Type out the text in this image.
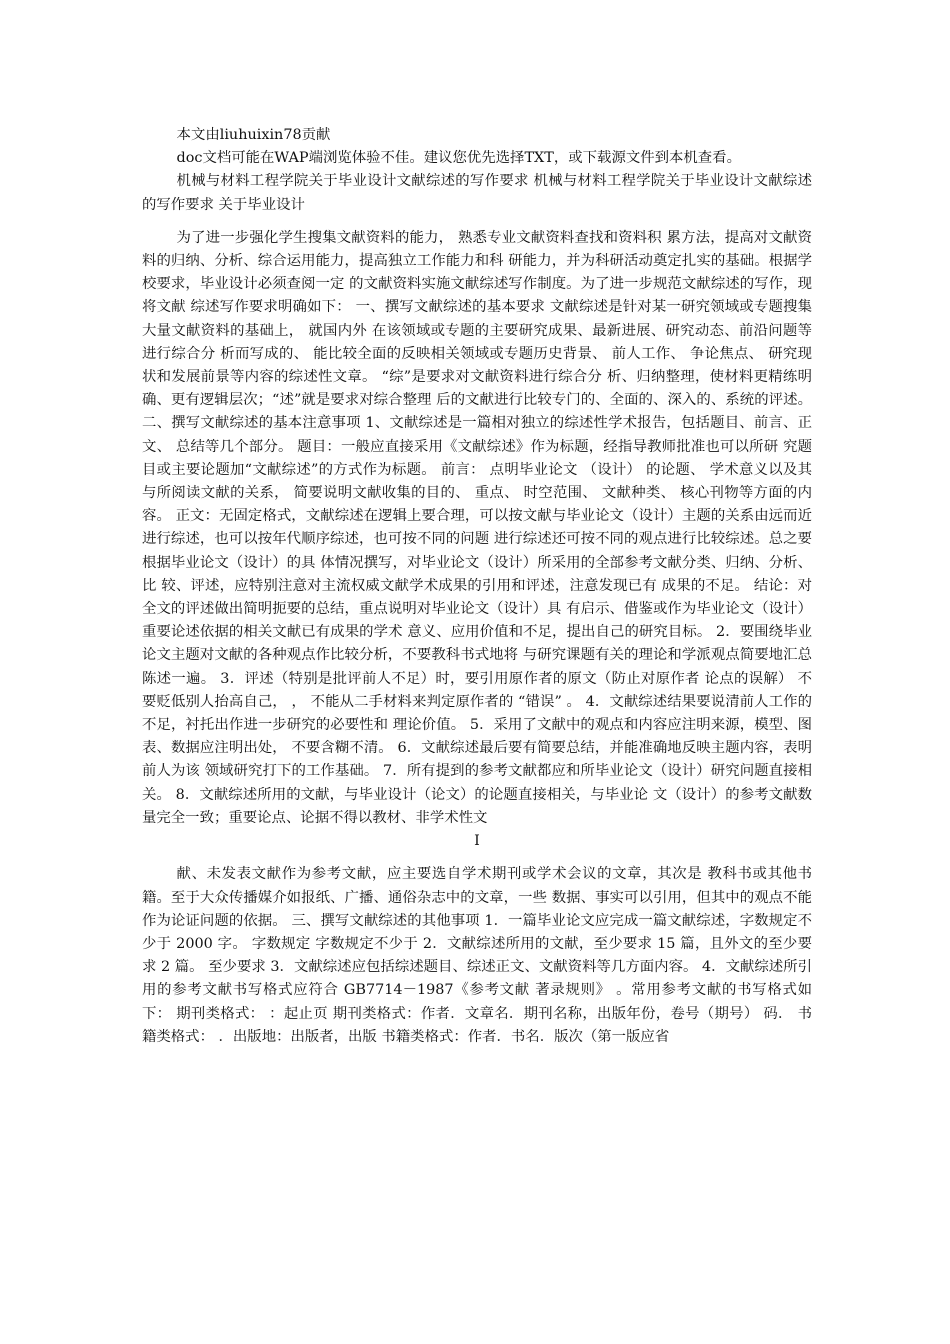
本文由liuhuixin78贡献

doc文档可能在WAP端浏览体验不佳。建议您优先选择TXT，或下载源文件到本机查看。

机械与材料工程学院关于毕业设计文献综述的写作要求 机械与材料工程学院关于毕业设计文献综述的写作要求 关于毕业设计

为了进一步强化学生搜集文献资料的能力， 熟悉专业文献资料查找和资料积 累方法，提高对文献资料的归纳、分析、综合运用能力，提高独立工作能力和科 研能力，并为科研活动奠定扎实的基础。根据学校要求，毕业设计必须查阅一定 的文献资料实施文献综述写作制度。为了进一步规范文献综述的写作，现将文献 综述写作要求明确如下： 一、撰写文献综述的基本要求 文献综述是针对某一研究领域或专题搜集大量文献资料的基础上， 就国内外 在该领域或专题的主要研究成果、最新进展、研究动态、前沿问题等进行综合分 析而写成的、 能比较全面的反映相关领域或专题历史背景、 前人工作、 争论焦点、 研究现状和发展前景等内容的综述性文章。 “综”是要求对文献资料进行综合分 析、归纳整理，使材料更精练明确、更有逻辑层次；“述”就是要求对综合整理 后的文献进行比较专门的、全面的、深入的、系统的评述。 二、撰写文献综述的基本注意事项 1、文献综述是一篇相对独立的综述性学术报告，包括题目、前言、正文、 总结等几个部分。 题目：一般应直接采用《文献综述》作为标题，经指导教师批准也可以所研 究题目或主要论题加“文献综述”的方式作为标题。 前言： 点明毕业论文 （设计） 的论题、 学术意义以及其与所阅读文献的关系， 简要说明文献收集的目的、 重点、 时空范围、 文献种类、 核心刊物等方面的内容。 正文：无固定格式，文献综述在逻辑上要合理，可以按文献与毕业论文（设计）主题的关系由远而近进行综述，也可以按年代顺序综述，也可按不同的问题 进行综述还可按不同的观点进行比较综述。总之要根据毕业论文（设计）的具 体情况撰写，对毕业论文（设计）所采用的全部参考文献分类、归纳、分析、比 较、评述，应特别注意对主流权威文献学术成果的引用和评述，注意发现已有 成果的不足。 结论：对全文的评述做出简明扼要的总结，重点说明对毕业论文（设计）具 有启示、借鉴或作为毕业论文（设计）重要论述依据的相关文献已有成果的学术 意义、应用价值和不足，提出自己的研究目标。 2．要围绕毕业论文主题对文献的各种观点作比较分析，不要教科书式地将 与研究课题有关的理论和学派观点简要地汇总陈述一遍。 3．评述（特别是批评前人不足）时，要引用原作者的原文（防止对原作者 论点的误解） 不要贬低别人抬高自己， ， 不能从二手材料来判定原作者的 “错误” 。 4．文献综述结果要说清前人工作的不足，衬托出作进一步研究的必要性和 理论价值。 5．采用了文献中的观点和内容应注明来源，模型、图表、数据应注明出处， 不要含糊不清。 6．文献综述最后要有简要总结，并能准确地反映主题内容，表明前人为该 领域研究打下的工作基础。 7．所有提到的参考文献都应和所毕业论文（设计）研究问题直接相关。 8．文献综述所用的文献，与毕业设计（论文）的论题直接相关，与毕业论 文（设计）的参考文献数量完全一致；重要论点、论据不得以教材、非学术性文

I

献、未发表文献作为参考文献，应主要选自学术期刊或学术会议的文章，其次是 教科书或其他书籍。至于大众传播媒介如报纸、广播、通俗杂志中的文章，一些 数据、事实可以引用，但其中的观点不能作为论证问题的依据。 三、撰写文献综述的其他事项 1．一篇毕业论文应完成一篇文献综述，字数规定不少于 2000 字。 字数规定 字数规定不少于 2．文献综述所用的文献，至少要求 15 篇，且外文的至少要求 2 篇。 至少要求 3．文献综述应包括综述题目、综述正文、文献资料等几方面内容。 4．文献综述所引用的参考文献书写格式应符合 GB7714－1987《参考文献 著录规则》 。常用参考文献的书写格式如下： 期刊类格式： ：起止页 期刊类格式：作者．文章名．期刊名称，出版年份，卷号（期号） 码． 书籍类格式： ．出版地：出版者，出版 书籍类格式：作者．书名．版次（第一版应省
